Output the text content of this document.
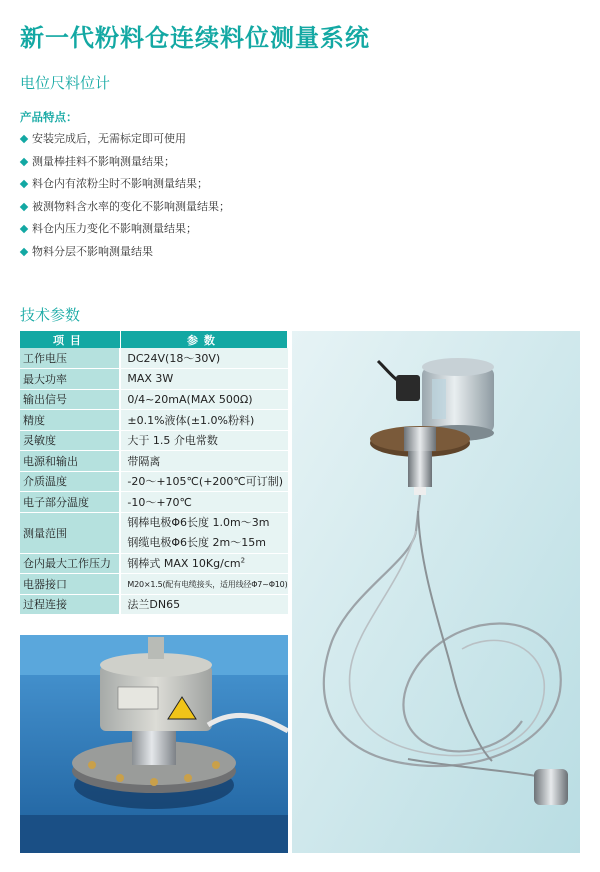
新一代粉料仓连续料位测量系统
电位尺料位计
产品特点：
安装完成后，无需标定即可使用
测量棒挂料不影响测量结果；
料仓内有浓粉尘时不影响测量结果；
被测物料含水率的变化不影响测量结果；
料仓内压力变化不影响测量结果；
物料分层不影响测量结果
技术参数
项目	参数
工作电压	DC24V(18～30V)
最大功率	MAX 3W
输出信号	0/4~20mA(MAX 500Ω)
精度	±0.1%液体(±1.0%粉料)
灵敏度	大于 1.5 介电常数
电源和输出	带隔离
介质温度	-20～+105℃(+200℃可订制)
电子部分温度	-10～+70℃
测量范围	钢棒电极Φ6长度 1.0m～3m
钢缆电极Φ6长度 2m～15m

仓内最大工作压力	钢棒式 MAX $10Kg/cm^2$
电器接口	M20×1.5(配有电缆接头，适用线径Φ7~Φ10)
过程连接	法兰DN65
